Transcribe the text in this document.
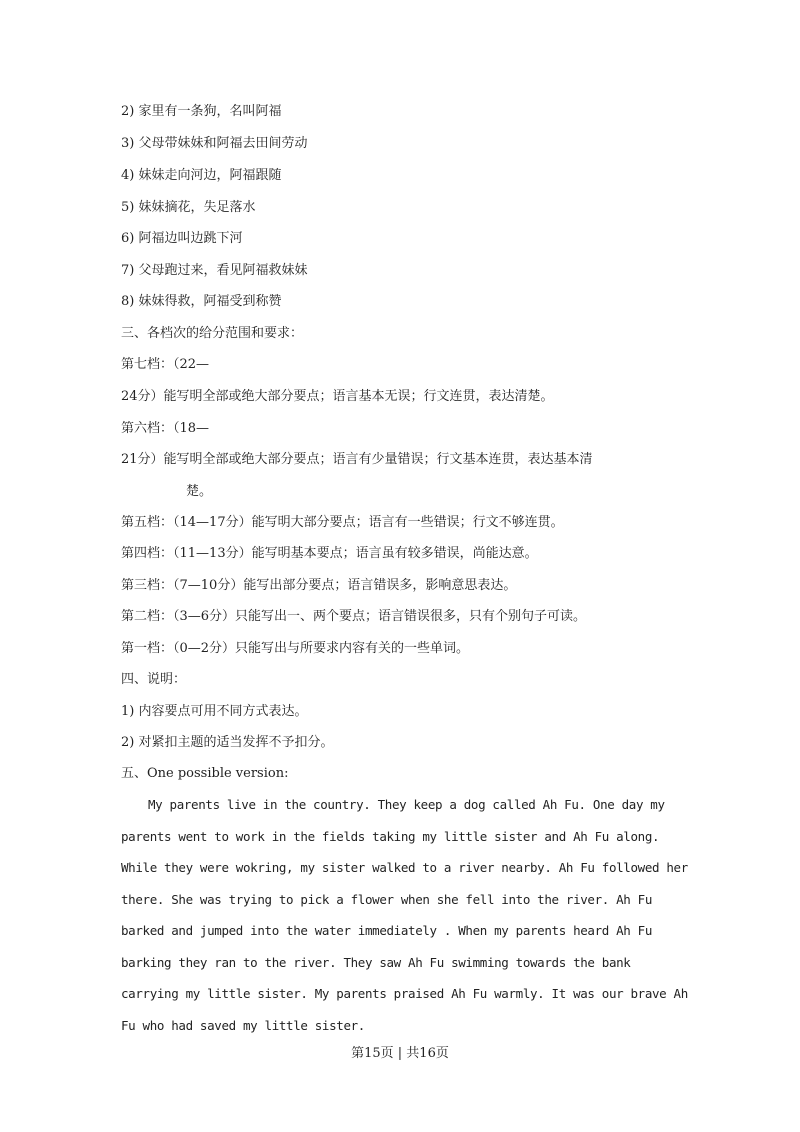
2) 家里有一条狗，名叫阿福
3) 父母带妹妹和阿福去田间劳动
4) 妹妹走向河边，阿福跟随
5) 妹妹摘花，失足落水
6) 阿福边叫边跳下河
7) 父母跑过来，看见阿福救妹妹
8) 妹妹得救，阿福受到称赞
三、各档次的给分范围和要求：
第七档：（22—
24分）能写明全部或绝大部分要点；语言基本无误；行文连贯，表达清楚。
第六档：（18—
21分）能写明全部或绝大部分要点；语言有少量错误；行文基本连贯，表达基本清
楚。
第五档：（14—17分）能写明大部分要点；语言有一些错误；行文不够连贯。
第四档：（11—13分）能写明基本要点；语言虽有较多错误，尚能达意。
第三档：（7—10分）能写出部分要点；语言错误多，影响意思表达。
第二档：（3—6分）只能写出一、两个要点；语言错误很多，只有个别句子可读。
第一档：（0—2分）只能写出与所要求内容有关的一些单词。
四、说明：
1) 内容要点可用不同方式表达。
2) 对紧扣主题的适当发挥不予扣分。
五、One possible version:
My parents live in the country. They keep a dog called Ah Fu. One day my
parents went to work in the fields taking my little sister and Ah Fu along.
While they were wokring, my sister walked to a river nearby. Ah Fu followed her
there. She was trying to pick a flower when she fell into the river. Ah Fu
barked and jumped into the water immediately . When my parents heard Ah Fu
barking they ran to the river. They saw Ah Fu swimming towards the bank
carrying my little sister. My parents praised Ah Fu warmly. It was our brave Ah
Fu who had saved my little sister.
第15页 | 共16页
